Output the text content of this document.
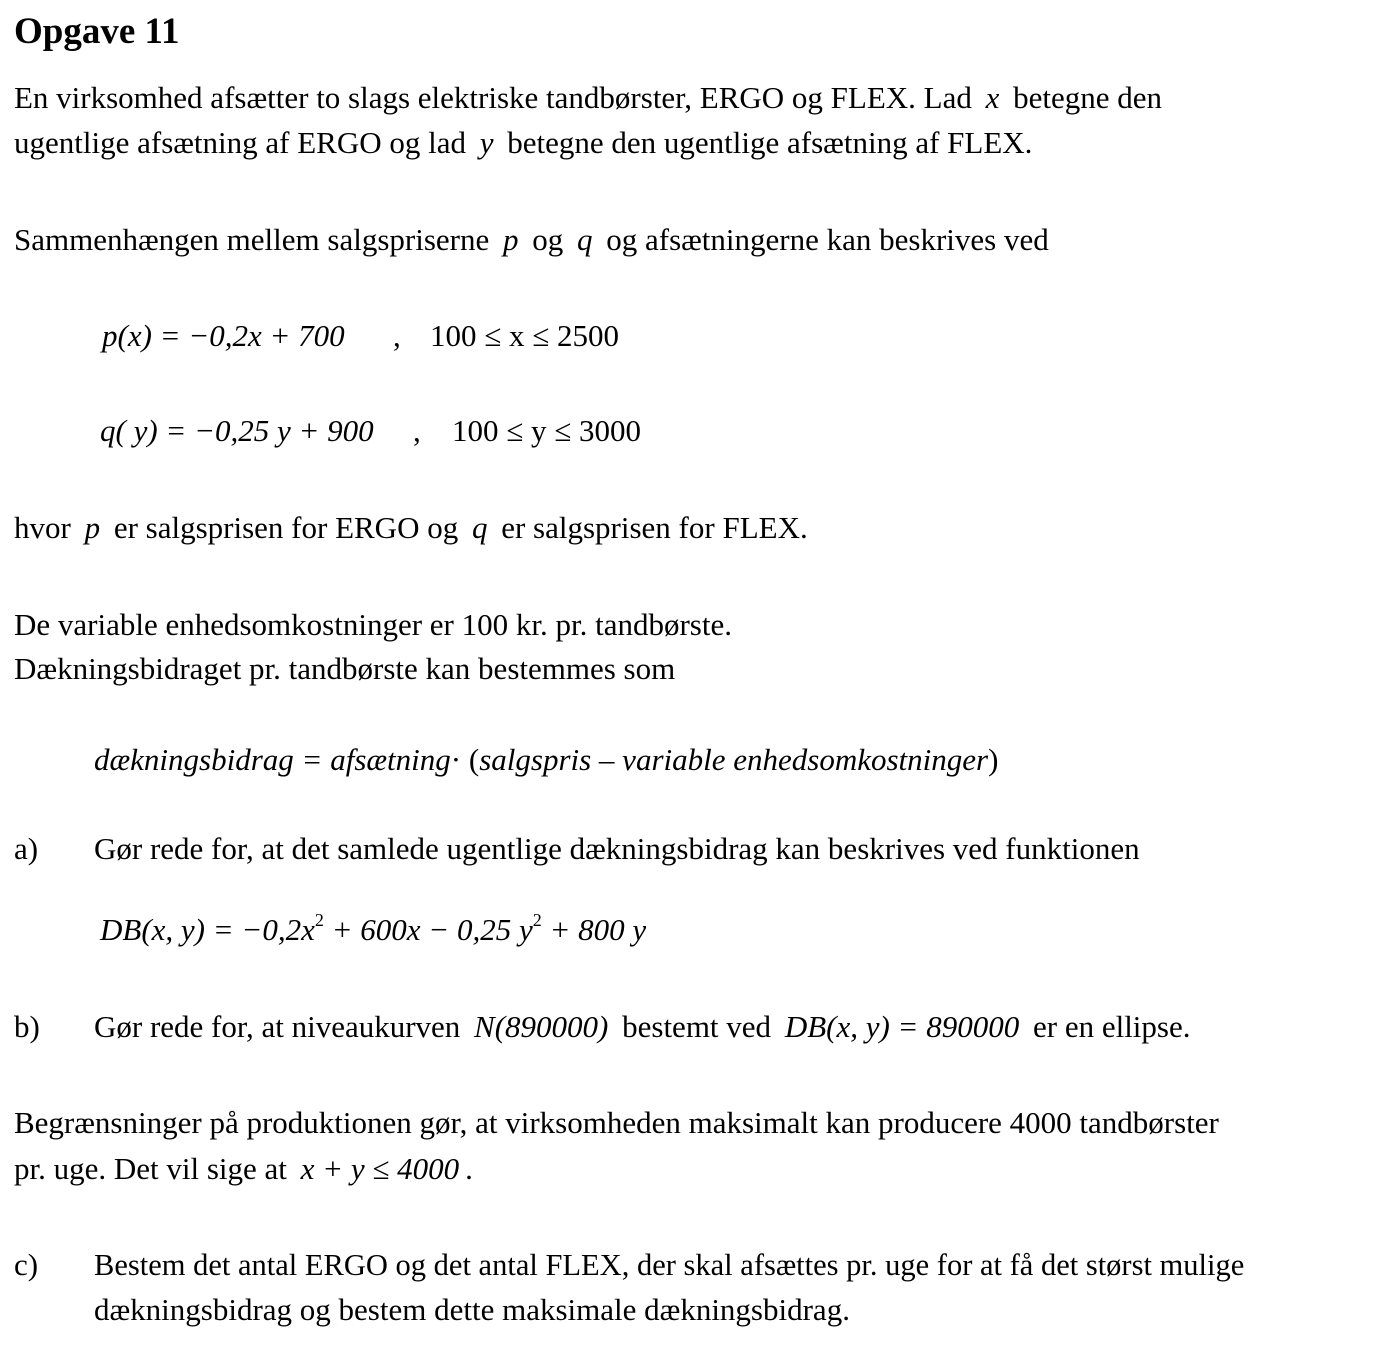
Opgave 11
En virksomhed afsætter to slags elektriske tandbørster, ERGO og FLEX. Lad x betegne den
ugentlige afsætning af ERGO og lad y betegne den ugentlige afsætning af FLEX.
Sammenhængen mellem salgspriserne p og q og afsætningerne kan beskrives ved
p(x) = −0,2x + 700 , 100 ≤ x ≤ 2500
q( y) = −0,25 y + 900 , 100 ≤ y ≤ 3000
hvor p er salgsprisen for ERGO og q er salgsprisen for FLEX.
De variable enhedsomkostninger er 100 kr. pr. tandbørste.
Dækningsbidraget pr. tandbørste kan bestemmes som
dækningsbidrag = afsætning· (salgspris – variable enhedsomkostninger)
a) Gør rede for, at det samlede ugentlige dækningsbidrag kan beskrives ved funktionen
DB(x, $y) = -0,2x^2 + 600x - 0,25$ $y^2 + 800$ y
b) Gør rede for, at niveaukurven N(890000) bestemt ved DB(x, y) = 890000 er en ellipse.
Begrænsninger på produktionen gør, at virksomheden maksimalt kan producere 4000 tandbørster
pr. uge. Det vil sige at x + y ≤ 4000 .
c) Bestem det antal ERGO og det antal FLEX, der skal afsættes pr. uge for at få det størst mulige
dækningsbidrag og bestem dette maksimale dækningsbidrag.
